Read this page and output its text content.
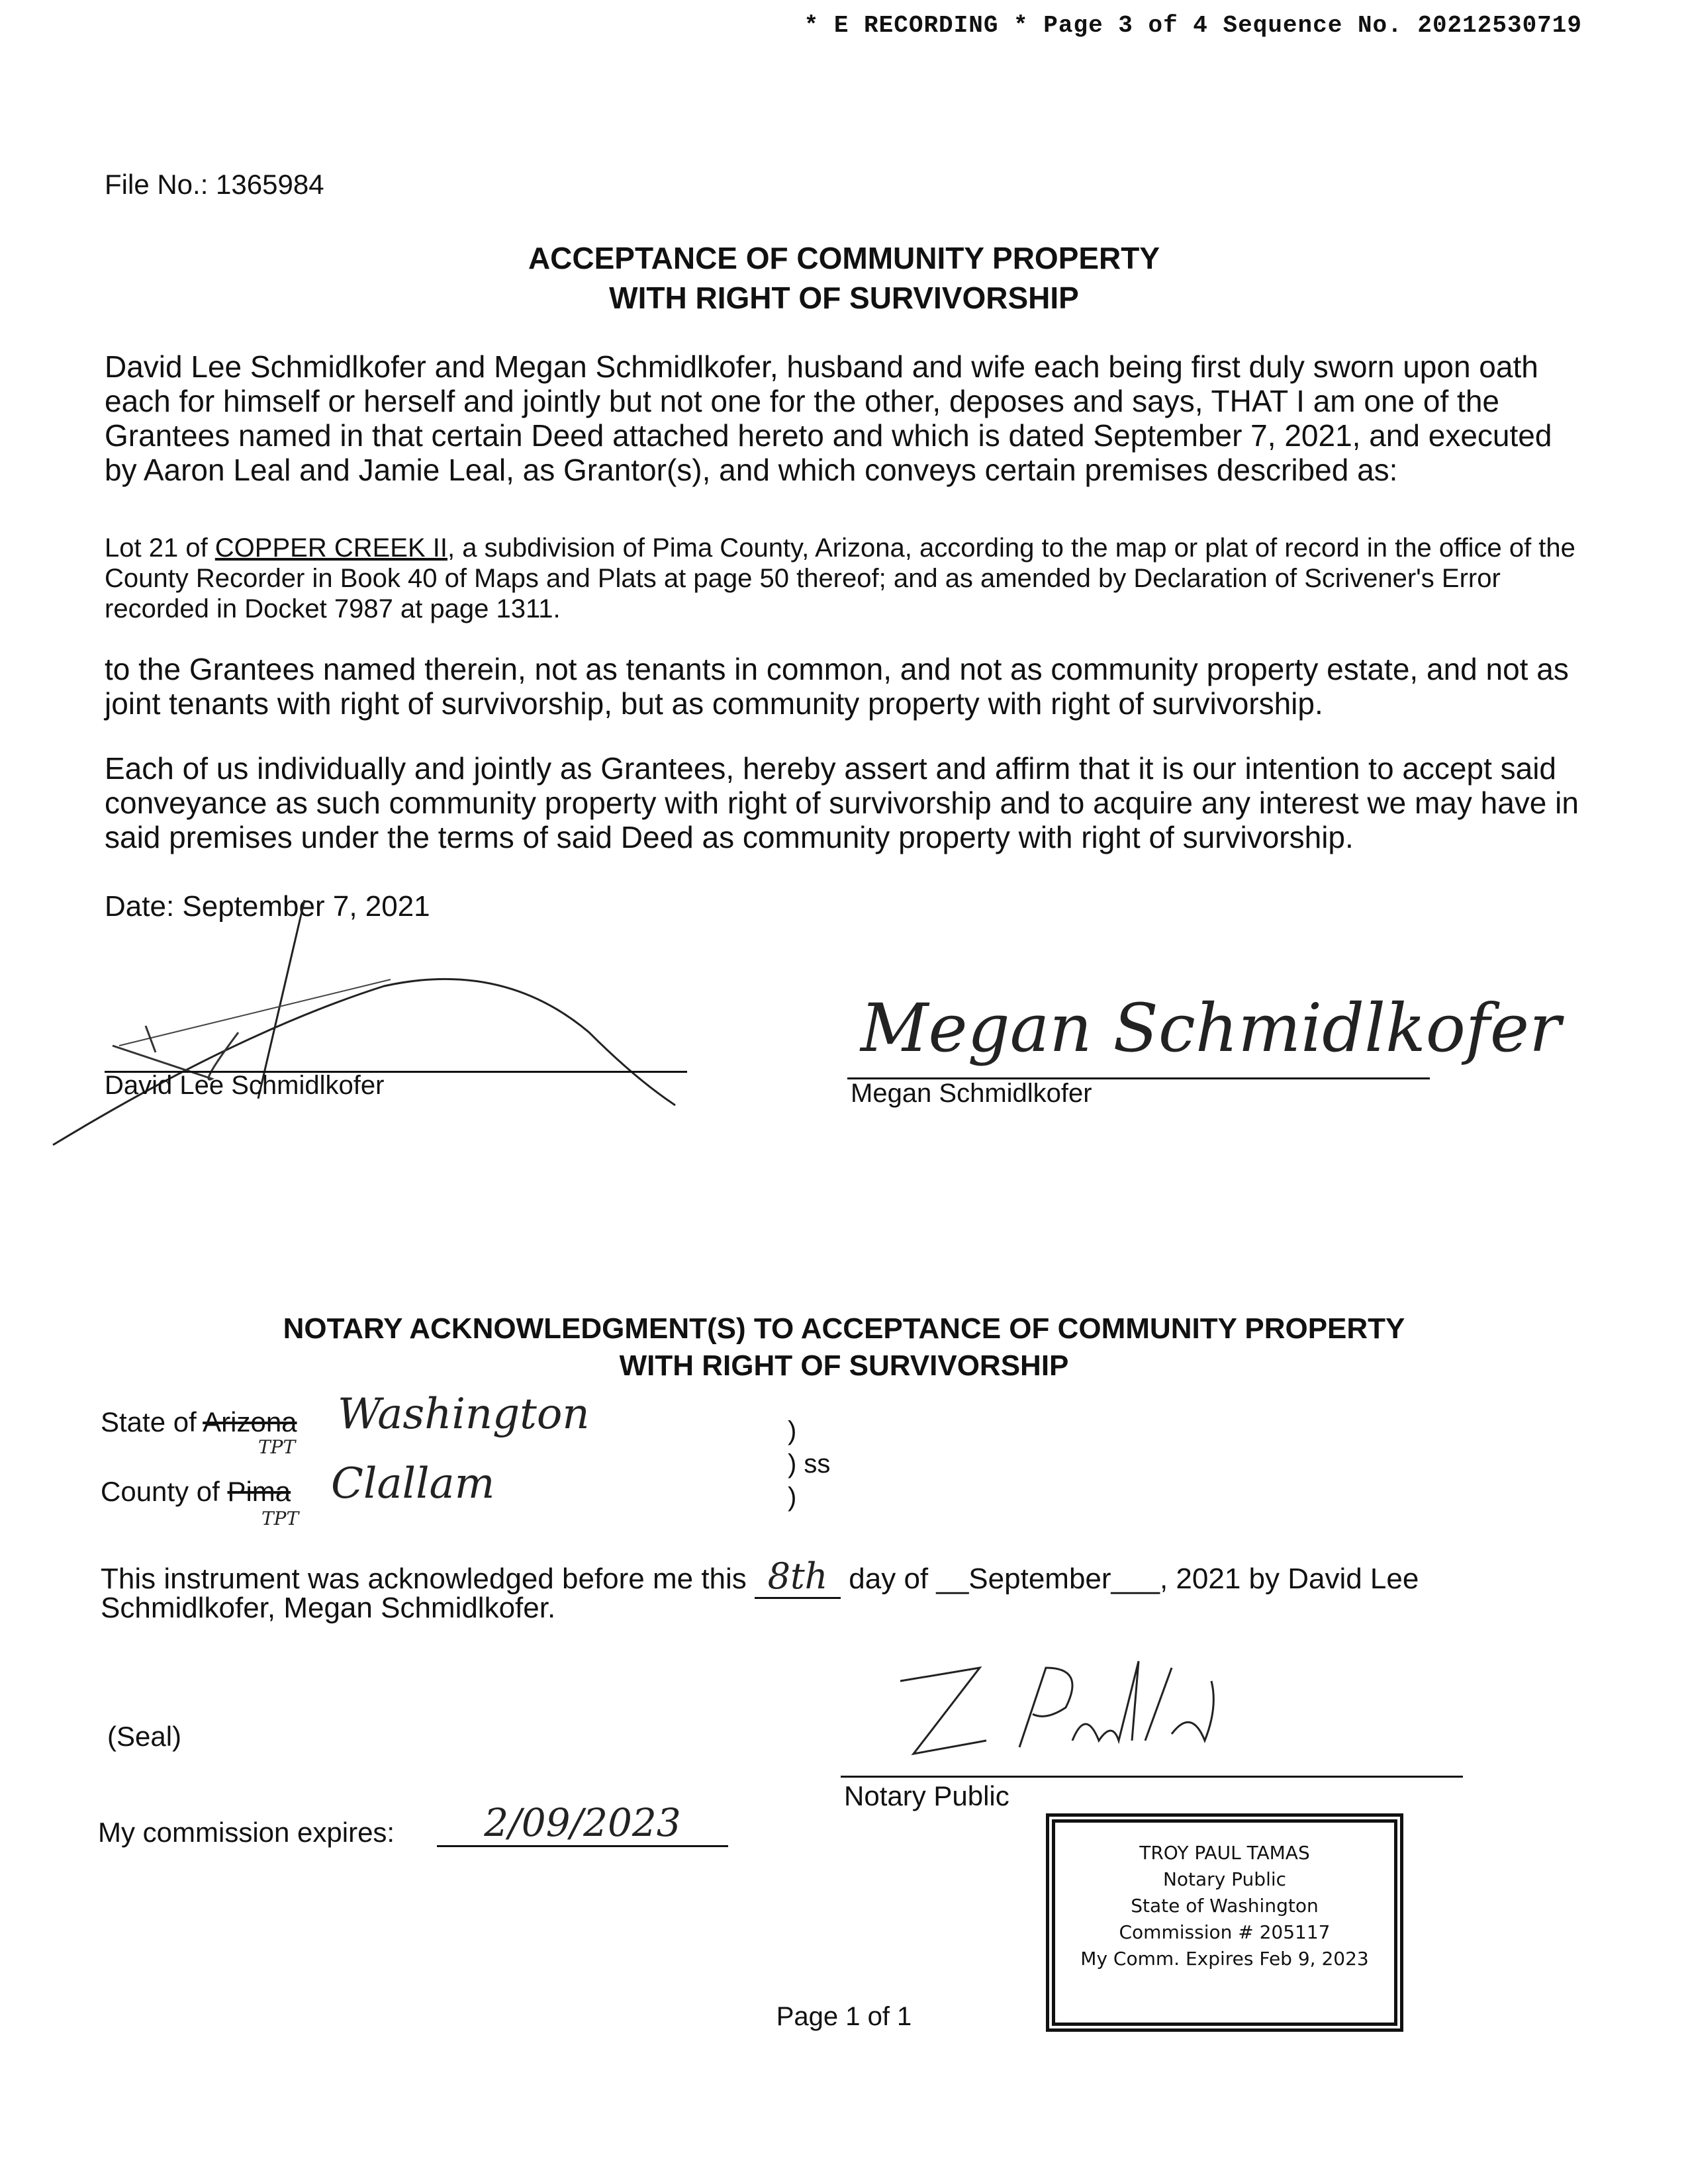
* E RECORDING * Page 3 of 4 Sequence No. 20212530719
File No.: 1365984
ACCEPTANCE OF COMMUNITY PROPERTY
WITH RIGHT OF SURVIVORSHIP
David Lee Schmidlkofer and Megan Schmidlkofer, husband and wife each being first duly sworn upon oath each for himself or herself and jointly but not one for the other, deposes and says, THAT I am one of the Grantees named in that certain Deed attached hereto and which is dated September 7, 2021, and executed by Aaron Leal and Jamie Leal, as Grantor(s), and which conveys certain premises described as:
Lot 21 of COPPER CREEK II, a subdivision of Pima County, Arizona, according to the map or plat of record in the office of the County Recorder in Book 40 of Maps and Plats at page 50 thereof; and as amended by Declaration of Scrivener's Error recorded in Docket 7987 at page 1311.
to the Grantees named therein, not as tenants in common, and not as community property estate, and not as joint tenants with right of survivorship, but as community property with right of survivorship.
Each of us individually and jointly as Grantees, hereby assert and affirm that it is our intention to accept said conveyance as such community property with right of survivorship and to acquire any interest we may have in said premises under the terms of said Deed as community property with right of survivorship.
Date: September 7, 2021
David Lee Schmidlkofer
Megan Schmidlkofer
Megan Schmidlkofer
NOTARY ACKNOWLEDGMENT(S) TO ACCEPTANCE OF COMMUNITY PROPERTY
WITH RIGHT OF SURVIVORSHIP
State of Arizona Washington
TPT
)
) ss
)
County of Pima Clallam
TPT
This instrument was acknowledged before me this 8th day of __September___, 2021 by David Lee
Schmidlkofer, Megan Schmidlkofer.
(Seal)
Notary Public
My commission expires:	2/09/2023
TROY PAUL TAMAS
Notary Public
State of Washington
Commission # 205117
My Comm. Expires Feb 9, 2023
Page 1 of 1
